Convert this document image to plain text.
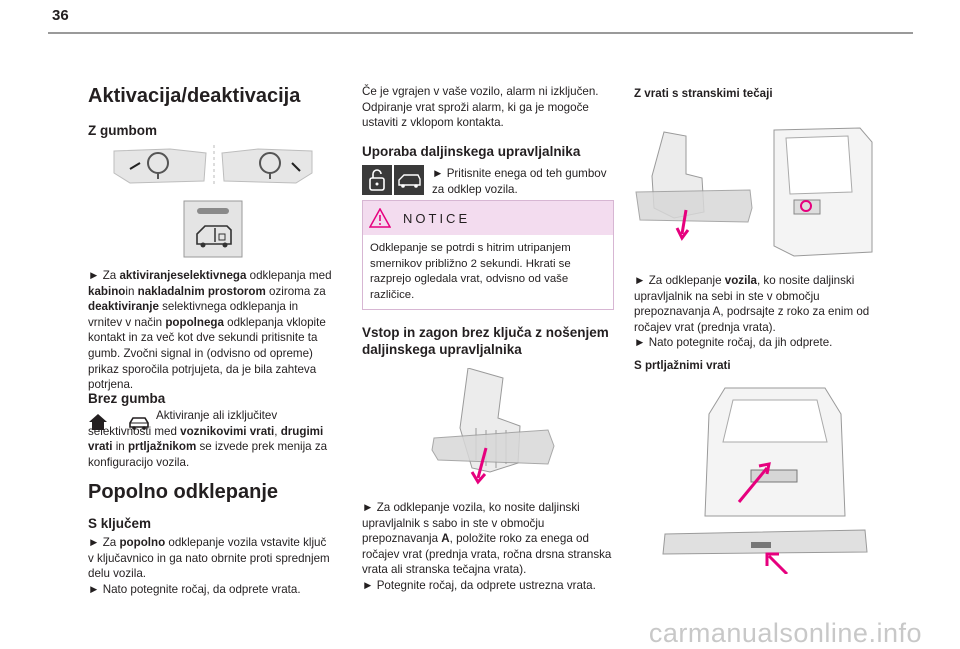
36
Aktivacija/deaktivacija
Z gumbom

► Za aktiviranjeselektivnega odklepanja med kabinoin nakladalnim prostorom oziroma za deaktiviranje selektivnega odklepanja in vrnitev v način popolnega odklepanja vklopite kontakt in za več kot dve sekundi pritisnite ta gumb. Zvočni signal in (odvisno od opreme) prikaz sporočila potrjujeta, da je bila zahteva potrjena.

Brez gumba

Aktiviranje ali izključitev selektivnosti med voznikovimi vrati, drugimi vrati in prtljažnikom se izvede prek menija za konfiguracijo vozila.

Popolno odklepanje
S ključem

► Za popolno odklepanje vozila vstavite ključ v ključavnico in ga nato obrnite proti sprednjem delu vozila.

► Nato potegnite ročaj, da odprete vrata.

Če je vgrajen v vaše vozilo, alarm ni izključen. Odpiranje vrat sproži alarm, ki ga je mogoče ustaviti z vklopom kontakta.

Uporaba daljinskega upravljalnika

► Pritisnite enega od teh gumbov za odklep vozila.

NOTICE
Odklepanje se potrdi s hitrim utripanjem smernikov približno 2 sekundi. Hkrati se razprejo ogledala vrat, odvisno od vaše različice.
Vstop in zagon brez ključa z nošenjem daljinskega upravljalnika

► Za odklepanje vozila, ko nosite daljinski upravljalnik s sabo in ste v območju prepoznavanja A, položite roko za enega od ročajev vrat (prednja vrata, ročna drsna stranska vrata ali stranska tečajna vrata).

► Potegnite ročaj, da odprete ustrezna vrata.

Z vrati s stranskimi tečaji

► Za odklepanje vozila, ko nosite daljinski upravljalnik na sebi in ste v območju prepoznavanja A, podrsajte z roko za enim od ročajev vrat (prednja vrata).

► Nato potegnite ročaj, da jih odprete.

S prtljažnimi vrati
carmanualsonline.info
